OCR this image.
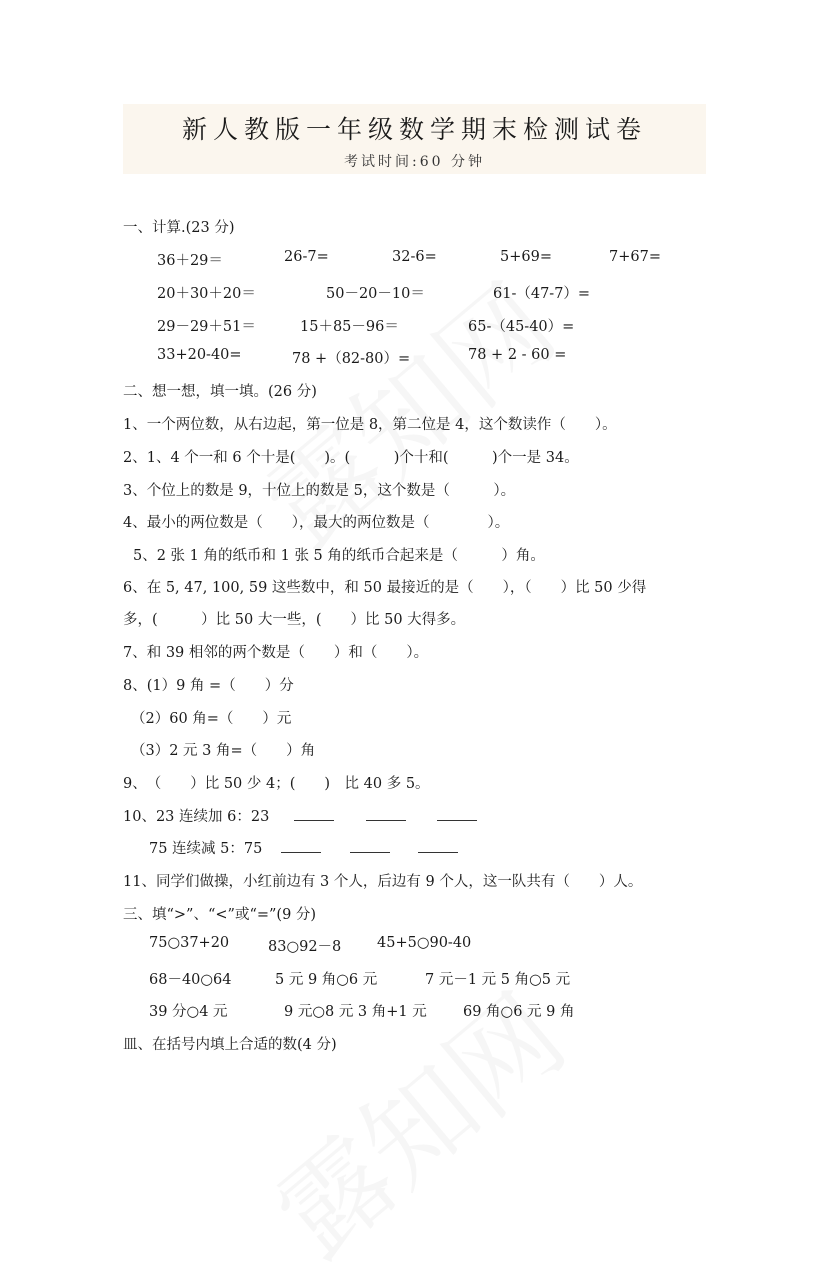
新人教版一年级数学期末检测试卷
考试时间:60 分钟
一、计算.(23 分)
36＋29＝	26-7=	32-6=	5+69=	7+67=
20＋30＋20＝	50－20－10＝	61-（47-7）=
29－29＋51＝	15＋85－96＝	65-（45-40）=
33+20-40=	78 +（82-80）=	78 + 2 - 60 =
二、想一想，填一填。(26 分)
1、一个两位数，从右边起，第一位是 8，第二位是 4，这个数读作（　　）。
2、1、4 个一和 6 个十是(　　)。(　　　)个十和(　　　)个一是 34。
3、个位上的数是 9，十位上的数是 5，这个数是（　　　）。
4、最小的两位数是（　　），最大的两位数是（　　　　）。
5、2 张 1 角的纸币和 1 张 5 角的纸币合起来是（　　　）角。
6、在 5, 47, 100, 59 这些数中，和 50 最接近的是（　　），（　　）比 50 少得
多，(　　　）比 50 大一些，(　　）比 50 大得多。
7、和 39 相邻的两个数是（　　）和（　　）。
8、(1）9 角 =（　　）分
（2）60 角=（　　）元
（3）2 元 3 角=（　　）角
9、　（　　）比 50 少 4；(　　)　比 40 多 5。
10、23 连续加 6：23
75 连续减 5：75
11、同学们做操，小红前边有 3 个人，后边有 9 个人，这一队共有（　　）人。
三、填“>”、“<”或“=”(9 分)
75○37+20	83○92－8 45+5○90-40
68－40○64	5 元 9 角○6 元	7 元－1 元 5 角○5 元
39 分○4 元	9 元○8 元 3 角+1 元	69 角○6 元 9 角
皿、在括号内填上合适的数(4 分)
